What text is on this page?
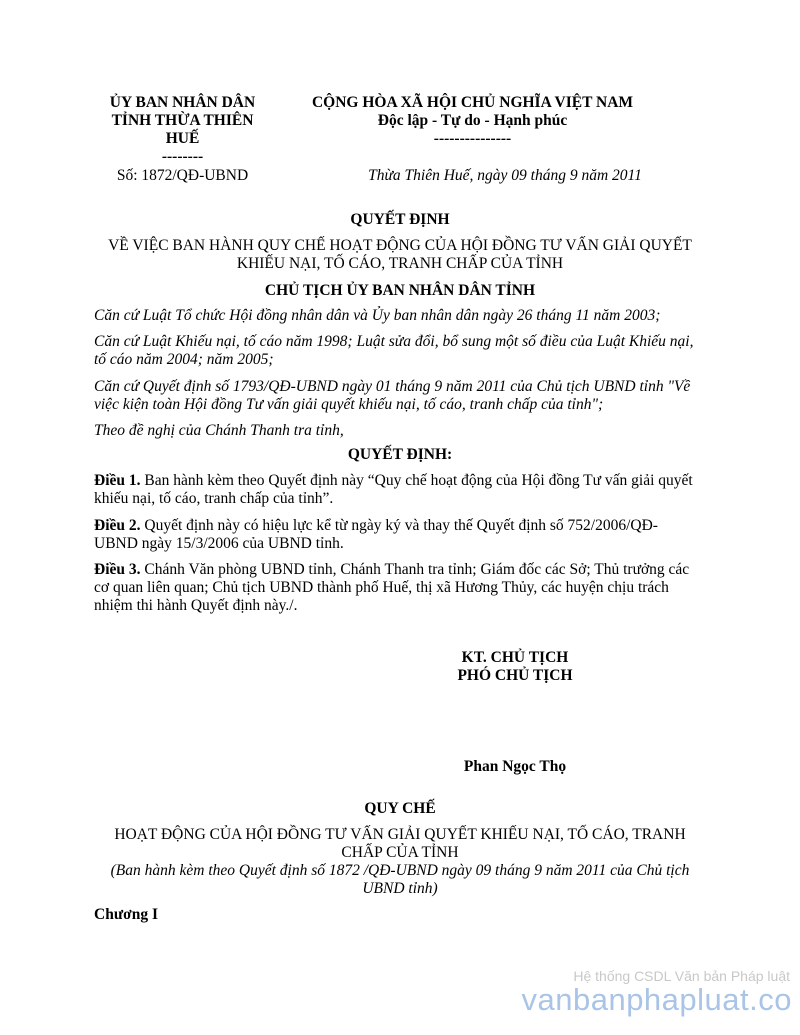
ỦY BAN NHÂN DÂN
TỈNH THỪA THIÊN
HUẾ
--------
Số: 1872/QĐ-UBND
CỘNG HÒA XÃ HỘI CHỦ NGHĨA VIỆT NAM
Độc lập - Tự do - Hạnh phúc
---------------
Thừa Thiên Huế, ngày 09 tháng 9 năm 2011
QUYẾT ĐỊNH
VỀ VIỆC BAN HÀNH QUY CHẾ HOẠT ĐỘNG CỦA HỘI ĐỒNG TƯ VẤN GIẢI QUYẾT
KHIẾU NẠI, TỐ CÁO, TRANH CHẤP CỦA TỈNH
CHỦ TỊCH ỦY BAN NHÂN DÂN TỈNH
Căn cứ Luật Tổ chức Hội đồng nhân dân và Ủy ban nhân dân ngày 26 tháng 11 năm 2003;
Căn cứ Luật Khiếu nại, tố cáo năm 1998; Luật sửa đổi, bổ sung một số điều của Luật Khiếu nại,
tố cáo năm 2004; năm 2005;
Căn cứ Quyết định số 1793/QĐ-UBND ngày 01 tháng 9 năm 2011 của Chủ tịch UBND tỉnh "Về
việc kiện toàn Hội đồng Tư vấn giải quyết khiếu nại, tố cáo, tranh chấp của tỉnh";
Theo đề nghị của Chánh Thanh tra tỉnh,
QUYẾT ĐỊNH:
Điều 1. Ban hành kèm theo Quyết định này “Quy chế hoạt động của Hội đồng Tư vấn giải quyết
khiếu nại, tố cáo, tranh chấp của tỉnh”.
Điều 2. Quyết định này có hiệu lực kể từ ngày ký và thay thế Quyết định số 752/2006/QĐ-
UBND ngày 15/3/2006 của UBND tỉnh.
Điều 3. Chánh Văn phòng UBND tỉnh, Chánh Thanh tra tỉnh; Giám đốc các Sở; Thủ trưởng các
cơ quan liên quan; Chủ tịch UBND thành phố Huế, thị xã Hương Thủy, các huyện chịu trách
nhiệm thi hành Quyết định này./.
KT. CHỦ TỊCH
PHÓ CHỦ TỊCH
Phan Ngọc Thọ
QUY CHẾ
HOẠT ĐỘNG CỦA HỘI ĐỒNG TƯ VẤN GIẢI QUYẾT KHIẾU NẠI, TỐ CÁO, TRANH
CHẤP CỦA TỈNH
(Ban hành kèm theo Quyết định số 1872 /QĐ-UBND ngày 09 tháng 9 năm 2011 của Chủ tịch
UBND tỉnh)
Chương I
Hệ thống CSDL Văn bản Pháp luật
vanbanphapluat.co
